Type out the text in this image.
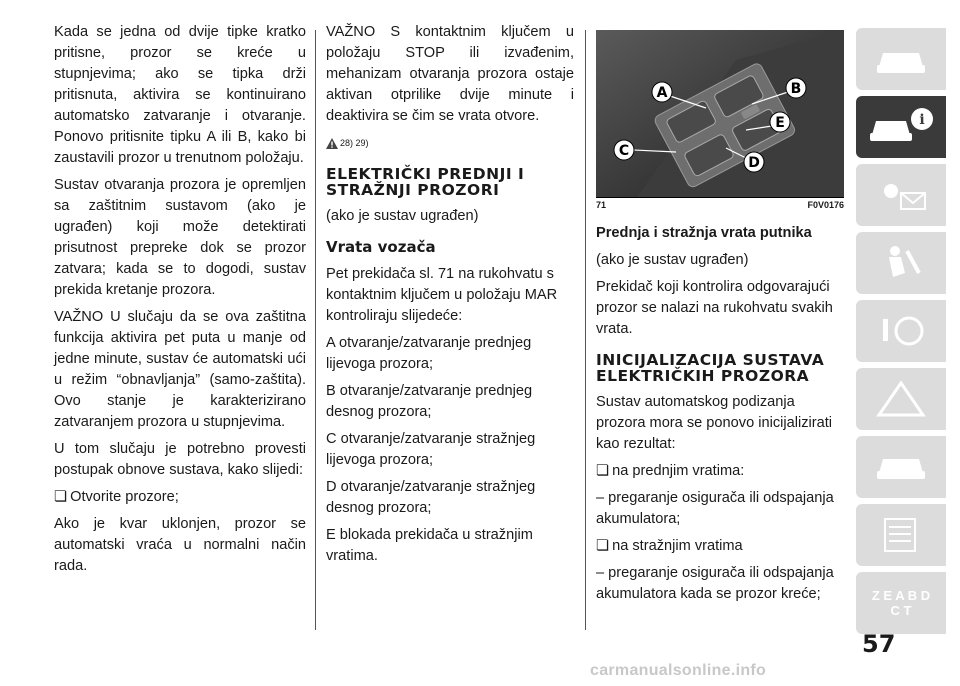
Kada se jedna od dvije tipke kratko pritisne, prozor se kreće u stupnjevima; ako se tipka drži pritisnuta, aktivira se kontinuirano automatsko zatvaranje i otvaranje. Ponovo pritisnite tipku A ili B, kako bi zaustavili prozor u trenutnom položaju.

Sustav otvaranja prozora je opremljen sa zaštitnim sustavom (ako je ugrađen) koji može detektirati prisutnost prepreke dok se prozor zatvara; kada se to dogodi, sustav prekida kretanje prozora.

VAŽNO U slučaju da se ova zaštitna funkcija aktivira pet puta u manje od jedne minute, sustav će automatski ući u režim “obnavljanja” (samo-zaštita). Ovo stanje je karakterizirano zatvaranjem prozora u stupnjevima.

U tom slučaju je potrebno provesti postupak obnove sustava, kako slijedi:

❏ Otvorite prozore;

Ako je kvar uklonjen, prozor se automatski vraća u normalni način rada.

VAŽNO S kontaktnim ključem u položaju STOP ili izvađenim, mehanizam otvaranja prozora ostaje aktivan otprilike dvije minute i deaktivira se čim se vrata otvore.

28) 29)
ELEKTRIČKI PREDNJI I STRAŽNJI PROZORI

(ako je sustav ugrađen)

Vrata vozača

Pet prekidača sl. 71 na rukohvatu s kontaktnim ključem u položaju MAR kontroliraju slijedeće:

A otvaranje/zatvaranje prednjeg lijevoga prozora;

B otvaranje/zatvaranje prednjeg desnog prozora;

C otvaranje/zatvaranje stražnjeg lijevoga prozora;

D otvaranje/zatvaranje stražnjeg desnog prozora;

E blokada prekidača u stražnjim vratima.

A	B
C
D
E
71	F0V0176

Prednja i stražnja vrata putnika

(ako je sustav ugrađen)

Prekidač koji kontrolira odgovarajući prozor se nalazi na rukohvatu svakih vrata.

INICIJALIZACIJA SUSTAVA ELEKTRIČKIH PROZORA

Sustav automatskog podizanja prozora mora se ponovo inicijalizirati kao rezultat:

❏ na prednjim vratima:

– pregaranje osigurača ili odspajanja akumulatora;

❏ na stražnjim vratima

– pregaranje osigurača ili odspajanja akumulatora kada se prozor kreće;

i
Z E A B D C T
57
carmanualsonline.info
